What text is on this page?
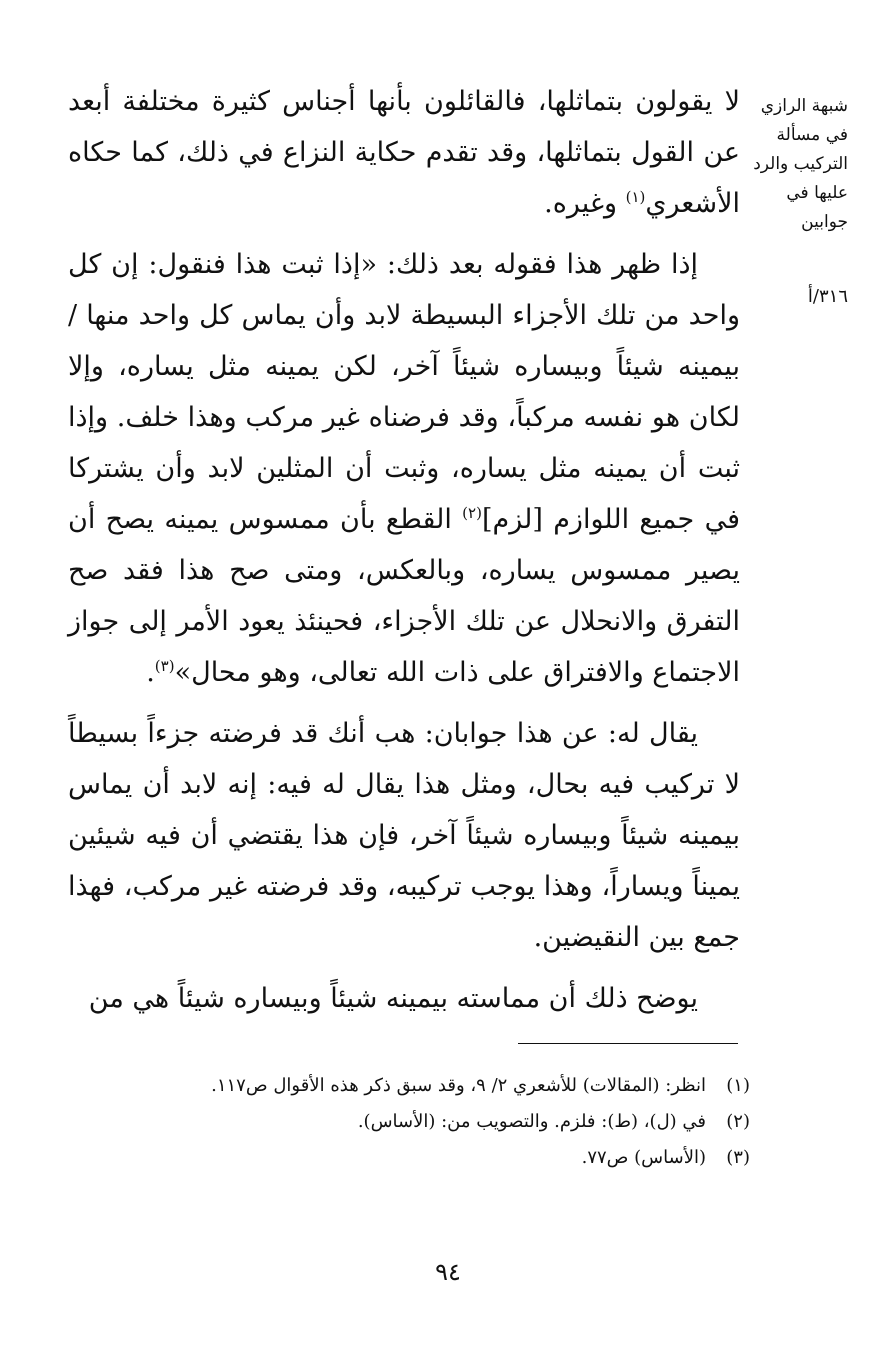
شبهة الرازي في مسألة التركيب والرد عليها في جوابين
٣١٦/أ

لا يقولون بتماثلها، فالقائلون بأنها أجناس كثيرة مختلفة أبعد عن القول بتماثلها، وقد تقدم حكاية النزاع في ذلك، كما حكاه الأشعري$^{(١)}$ وغيره.

إذا ظهر هذا فقوله بعد ذلك: «إذا ثبت هذا فنقول: إن كل واحد من تلك الأجزاء البسيطة لابد وأن يماس كل واحد منها / بيمينه شيئاً وبيساره شيئاً آخر، لكن يمينه مثل يساره، وإلا لكان هو نفسه مركباً، وقد فرضناه غير مركب وهذا خلف. وإذا ثبت أن يمينه مثل يساره، وثبت أن المثلين لابد وأن يشتركا في جميع اللوازم [لزم]$^{(٢)}$ القطع بأن ممسوس يمينه يصح أن يصير ممسوس يساره، وبالعكس، ومتى صح هذا فقد صح التفرق والانحلال عن تلك الأجزاء، فحينئذ يعود الأمر إلى جواز الاجتماع والافتراق على ذات الله تعالى، وهو محال»$^{(٣)}$.

يقال له: عن هذا جوابان: هب أنك قد فرضته جزءاً بسيطاً لا تركيب فيه بحال، ومثل هذا يقال له فيه: إنه لابد أن يماس بيمينه شيئاً وبيساره شيئاً آخر، فإن هذا يقتضي أن فيه شيئين يميناً ويساراً، وهذا يوجب تركيبه، وقد فرضته غير مركب، فهذا جمع بين النقيضين.

يوضح ذلك أن مماسته بيمينه شيئاً وبيساره شيئاً هي من

(١)انظر: (المقالات) للأشعري ٢/ ٩، وقد سبق ذكر هذه الأقوال ص١١٧.
(٢)في (ل)، (ط): فلزم. والتصويب من: (الأساس).
(٣)(الأساس) ص٧٧.
٩٤
